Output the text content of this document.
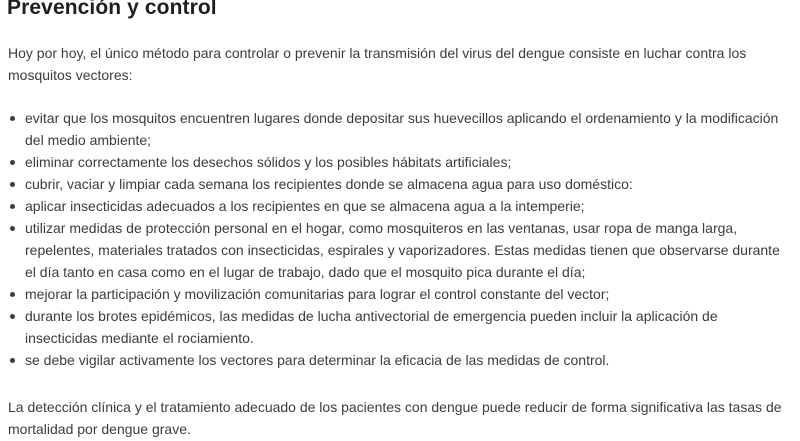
Prevención y control

Hoy por hoy, el único método para controlar o prevenir la transmisión del virus del dengue consiste en luchar contra los mosquitos vectores:

evitar que los mosquitos encuentren lugares donde depositar sus huevecillos aplicando el ordenamiento y la modificación del medio ambiente;
eliminar correctamente los desechos sólidos y los posibles hábitats artificiales;
cubrir, vaciar y limpiar cada semana los recipientes donde se almacena agua para uso doméstico:
aplicar insecticidas adecuados a los recipientes en que se almacena agua a la intemperie;
utilizar medidas de protección personal en el hogar, como mosquiteros en las ventanas, usar ropa de manga larga, repelentes, materiales tratados con insecticidas, espirales y vaporizadores. Estas medidas tienen que observarse durante el día tanto en casa como en el lugar de trabajo, dado que el mosquito pica durante el día;
mejorar la participación y movilización comunitarias para lograr el control constante del vector;
durante los brotes epidémicos, las medidas de lucha antivectorial de emergencia pueden incluir la aplicación de insecticidas mediante el rociamiento.
se debe vigilar activamente los vectores para determinar la eficacia de las medidas de control.

La detección clínica y el tratamiento adecuado de los pacientes con dengue puede reducir de forma significativa las tasas de mortalidad por dengue grave.
